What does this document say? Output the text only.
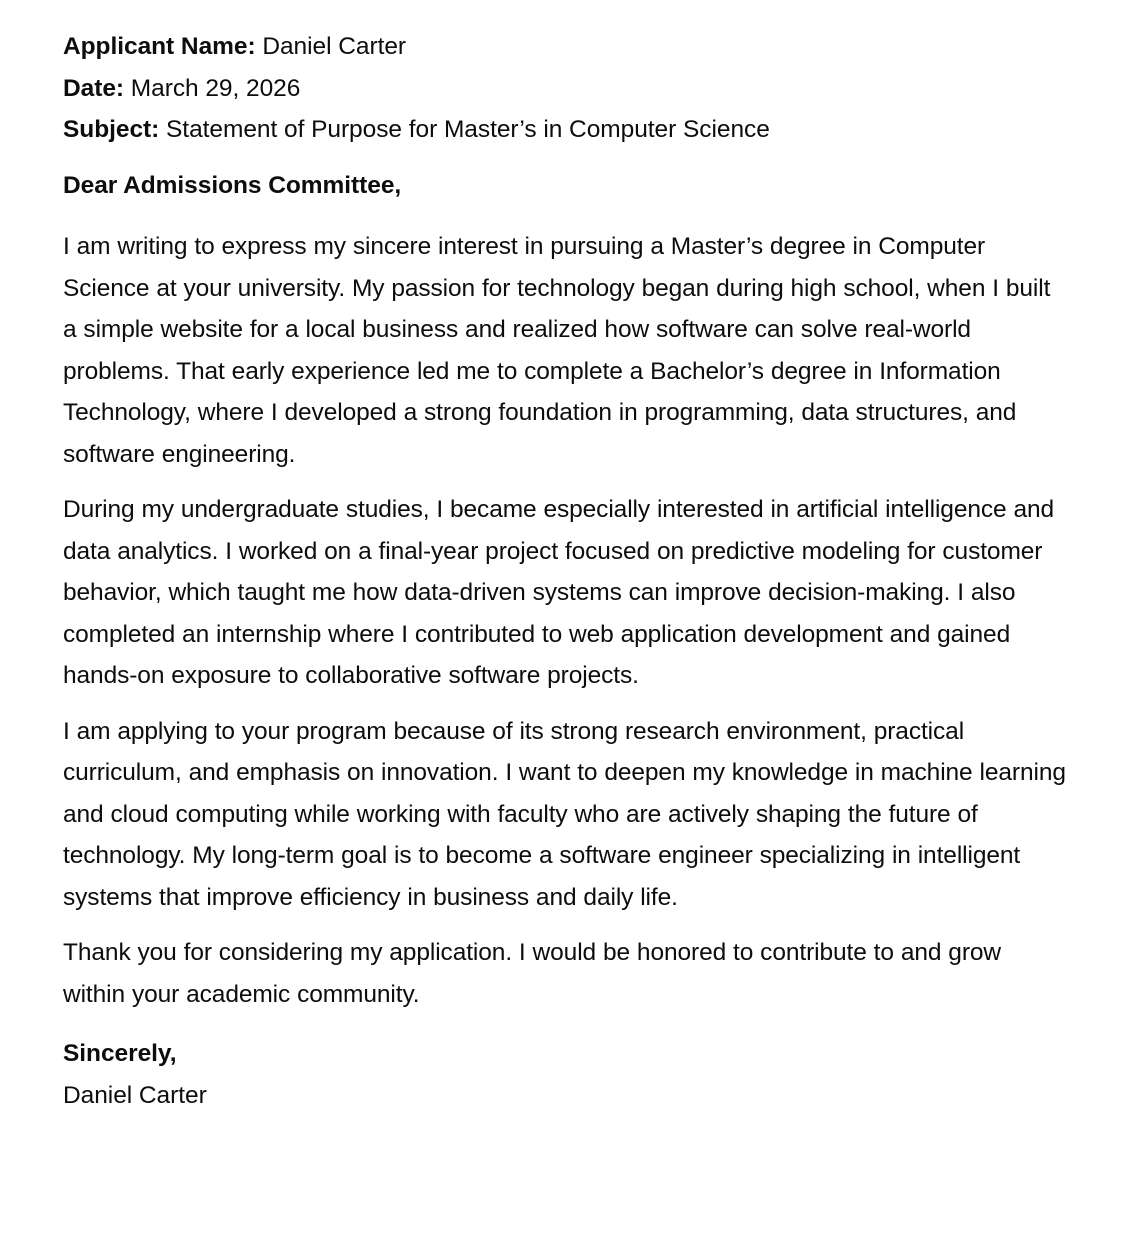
Applicant Name: Daniel Carter
Date: March 29, 2026
Subject: Statement of Purpose for Master’s in Computer Science

Dear Admissions Committee,

I am writing to express my sincere interest in pursuing a Master’s degree in Computer Science at your university. My passion for technology began during high school, when I built a simple website for a local business and realized how software can solve real-world problems. That early experience led me to complete a Bachelor’s degree in Information Technology, where I developed a strong foundation in programming, data structures, and software engineering.

During my undergraduate studies, I became especially interested in artificial intelligence and data analytics. I worked on a final-year project focused on predictive modeling for customer behavior, which taught me how data-driven systems can improve decision-making. I also completed an internship where I contributed to web application development and gained hands-on exposure to collaborative software projects.

I am applying to your program because of its strong research environment, practical curriculum, and emphasis on innovation. I want to deepen my knowledge in machine learning and cloud computing while working with faculty who are actively shaping the future of technology. My long-term goal is to become a software engineer specializing in intelligent systems that improve efficiency in business and daily life.

Thank you for considering my application. I would be honored to contribute to and grow within your academic community.

Sincerely,
Daniel Carter
